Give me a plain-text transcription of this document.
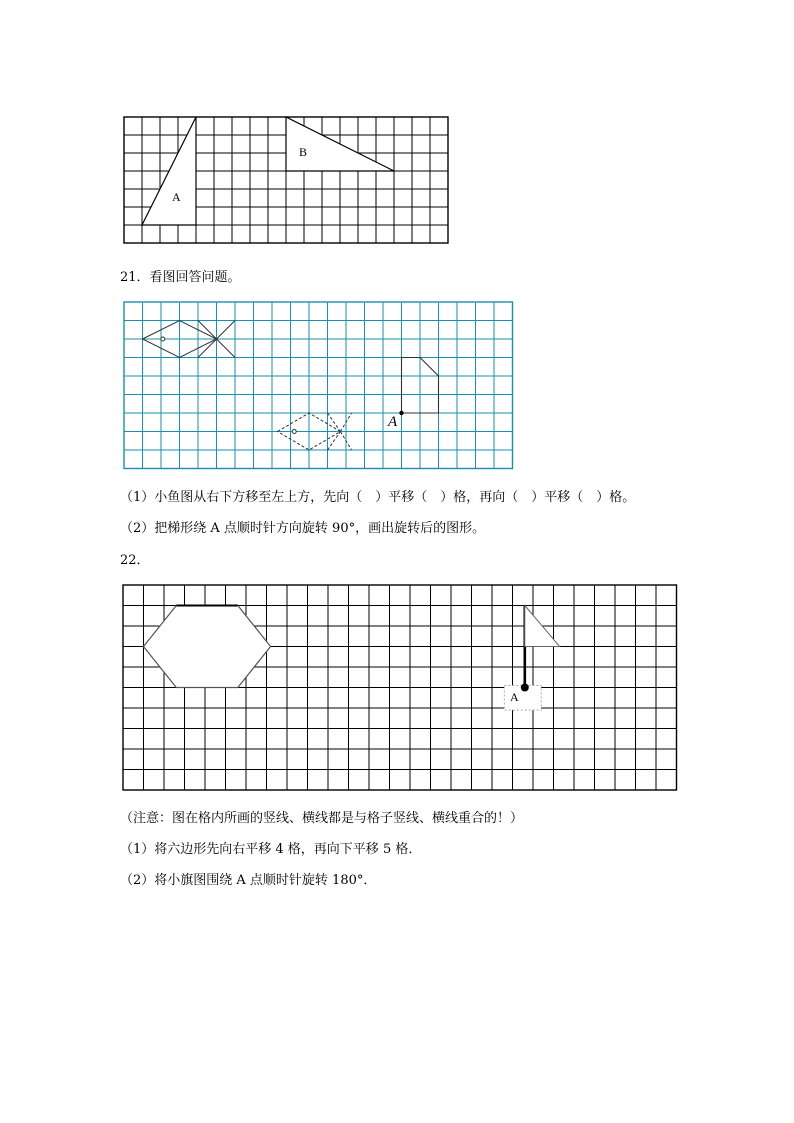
A
B
21．看图回答问题。
A
（1）小鱼图从右下方移至左上方，先向（　）平移（　）格，再向（　）平移（　）格。
（2）把梯形绕 A 点顺时针方向旋转 90°，画出旋转后的图形。
22．
A
（注意：图在格内所画的竖线、横线都是与格子竖线、横线重合的！）
（1）将六边形先向右平移 4 格，再向下平移 5 格．
（2）将小旗图围绕 A 点顺时针旋转 180°．
